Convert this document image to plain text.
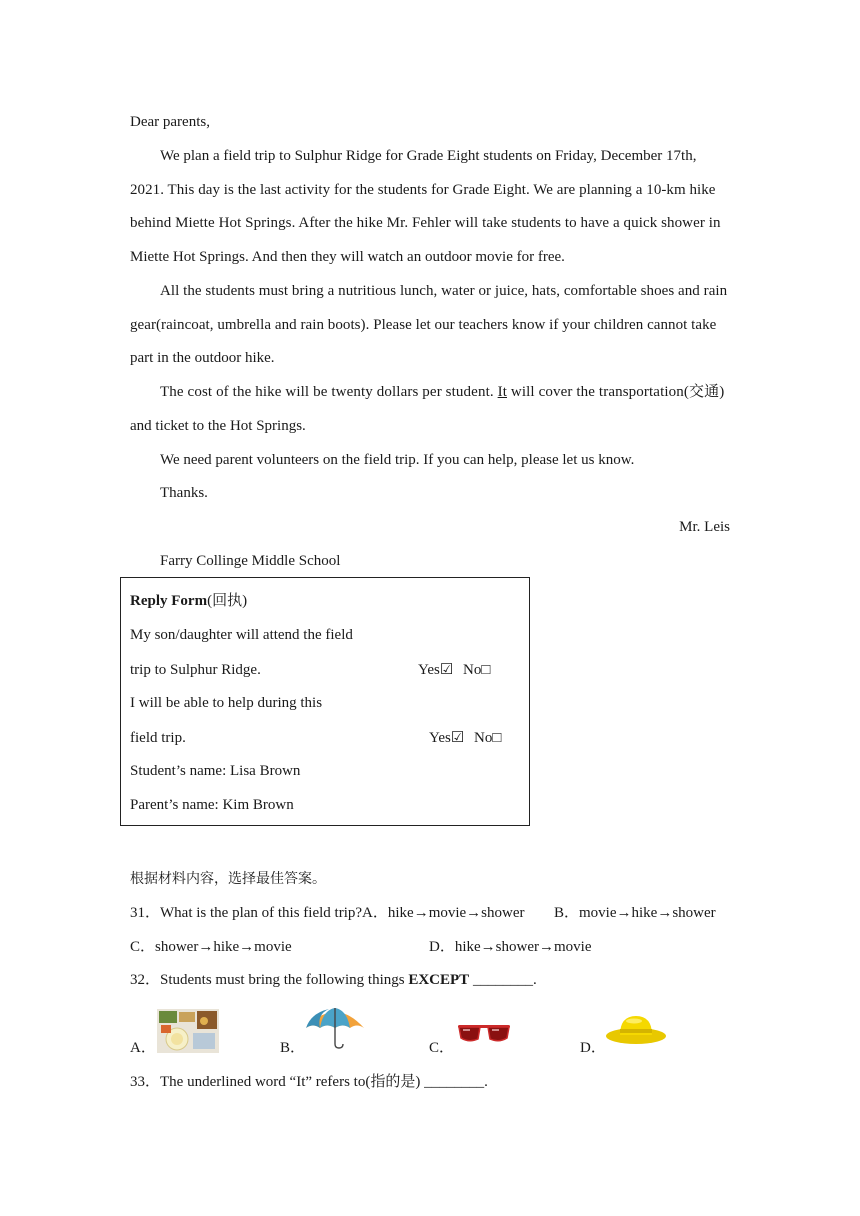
Dear parents,
We plan a field trip to Sulphur Ridge for Grade Eight students on Friday, December 17th,
2021. This day is the last activity for the students for Grade Eight. We are planning a 10-km hike
behind Miette Hot Springs. After the hike Mr. Fehler will take students to have a quick shower in
Miette Hot Springs. And then they will watch an outdoor movie for free.
All the students must bring a nutritious lunch, water or juice, hats, comfortable shoes and rain
gear(raincoat, umbrella and rain boots). Please let our teachers know if your children cannot take
part in the outdoor hike.
The cost of the hike will be twenty dollars per student. It will cover the transportation(交通)
and ticket to the Hot Springs.
We need parent volunteers on the field trip. If you can help, please let us know.
Thanks.
Mr. Leis
Farry Collinge Middle School
Reply Form(回执)
My son/daughter will attend the field
trip to Sulphur Ridge.	Yes☑ No□
I will be able to help during this
field trip.	Yes☑ No□
Student’s name: Lisa Brown
Parent’s name: Kim Brown
根据材料内容，选择最佳答案。
31．What is the plan of this field trip?A．hike→movie→shower B．movie→hike→shower
C．shower→hike→movie	D．hike→shower→movie
32．Students must bring the following things EXCEPT ________.
A．	B．	C．	D．
33．The underlined word “It” refers to(指的是) ________.
